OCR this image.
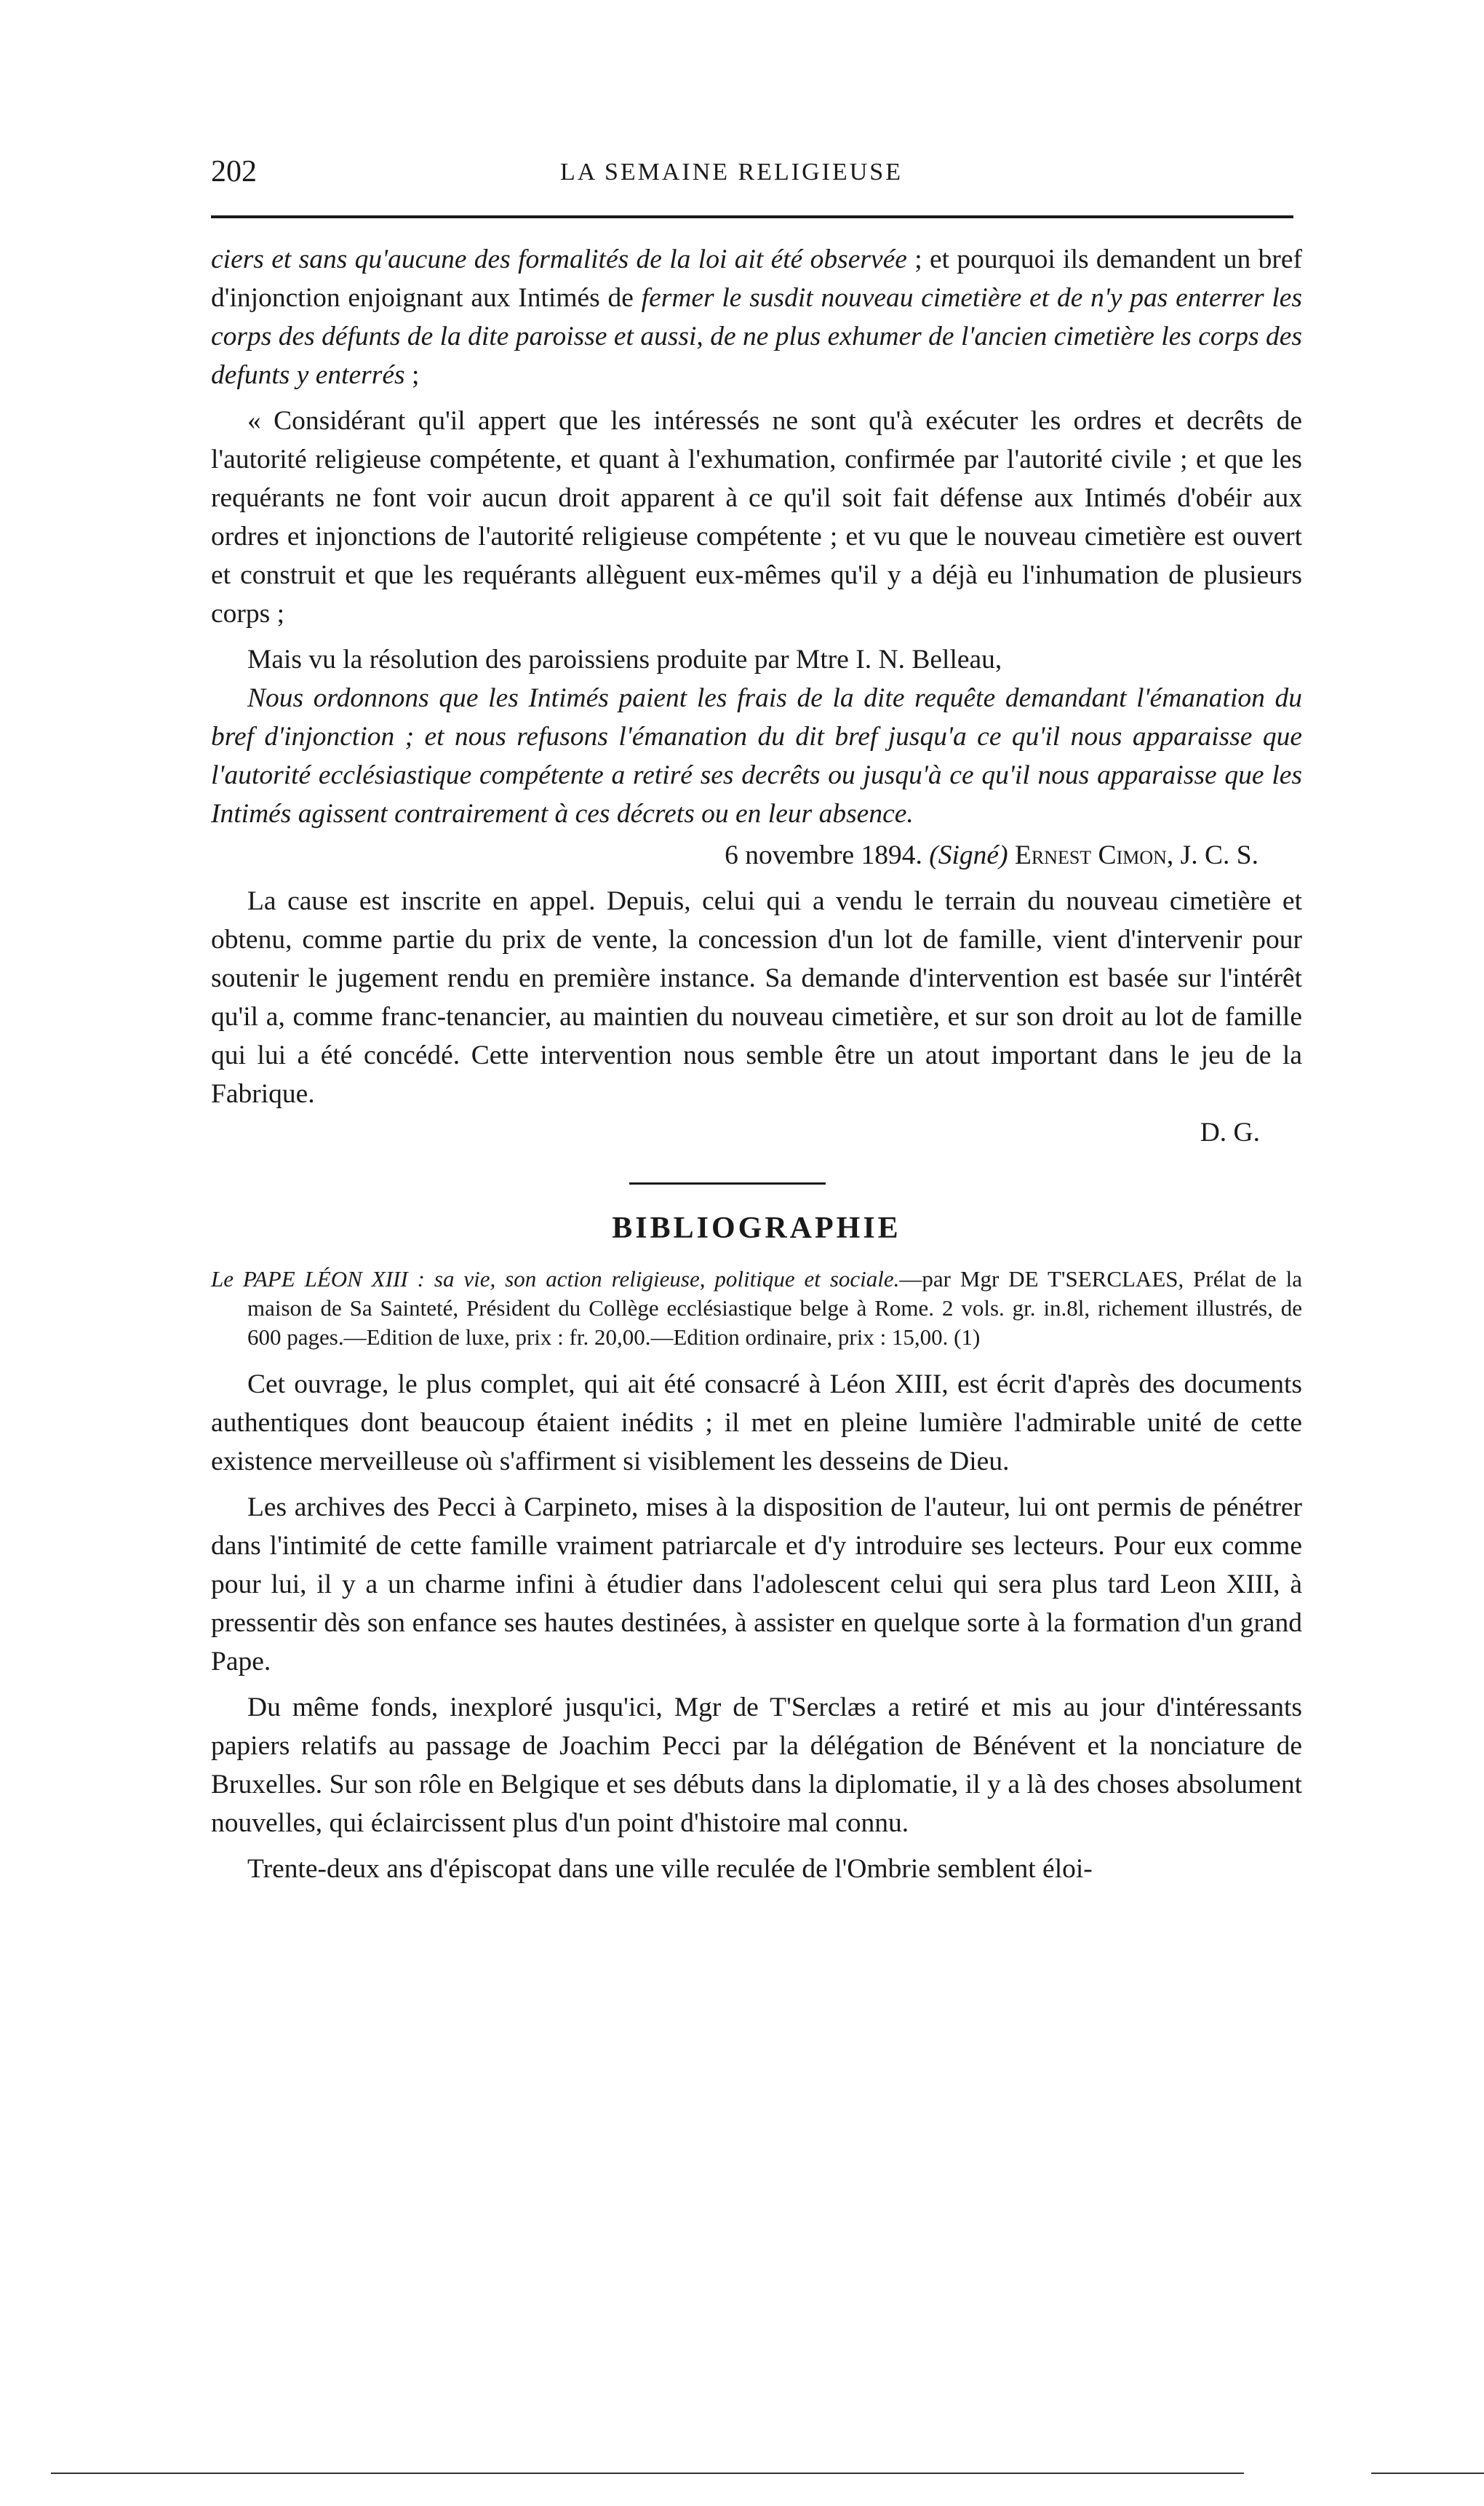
202	LA SEMAINE RELIGIEUSE

ciers et sans qu'aucune des formalités de la loi ait été observée ; et pourquoi ils demandent un bref d'injonction enjoignant aux Intimés de fermer le susdit nouveau cimetière et de n'y pas enterrer les corps des défunts de la dite paroisse et aussi, de ne plus exhumer de l'ancien cimetière les corps des defunts y enterrés ;

« Considérant qu'il appert que les intéressés ne sont qu'à exécuter les ordres et decrêts de l'autorité religieuse compétente, et quant à l'exhumation, confirmée par l'autorité civile ; et que les requérants ne font voir aucun droit apparent à ce qu'il soit fait défense aux Intimés d'obéir aux ordres et injonctions de l'autorité religieuse compétente ; et vu que le nouveau cimetière est ouvert et construit et que les requérants allèguent eux-mêmes qu'il y a déjà eu l'inhumation de plusieurs corps ;

Mais vu la résolution des paroissiens produite par Mtre I. N. Belleau,

Nous ordonnons que les Intimés paient les frais de la dite requête demandant l'émanation du bref d'injonction ; et nous refusons l'émanation du dit bref jusqu'a ce qu'il nous apparaisse que l'autorité ecclésiastique compétente a retiré ses decrêts ou jusqu'à ce qu'il nous apparaisse que les Intimés agissent contrairement à ces décrets ou en leur absence.

6 novembre 1894. (Signé) Ernest Cimon, J. C. S.

La cause est inscrite en appel. Depuis, celui qui a vendu le terrain du nouveau cimetière et obtenu, comme partie du prix de vente, la concession d'un lot de famille, vient d'intervenir pour soutenir le jugement rendu en première instance. Sa demande d'intervention est basée sur l'intérêt qu'il a, comme franc-tenancier, au maintien du nouveau cimetière, et sur son droit au lot de famille qui lui a été concédé. Cette intervention nous semble être un atout important dans le jeu de la Fabrique.

D. G.
BIBLIOGRAPHIE
Le PAPE LÉON XIII : sa vie, son action religieuse, politique et sociale.—par Mgr DE T'SERCLAES, Prélat de la maison de Sa Sainteté, Président du Collège ecclésiastique belge à Rome. 2 vols. gr. in.8l, richement illustrés, de 600 pages.—Edition de luxe, prix : fr. 20,00.—Edition ordinaire, prix : 15,00. (1)

Cet ouvrage, le plus complet, qui ait été consacré à Léon XIII, est écrit d'après des documents authentiques dont beaucoup étaient inédits ; il met en pleine lumière l'admirable unité de cette existence merveilleuse où s'affirment si visiblement les desseins de Dieu.

Les archives des Pecci à Carpineto, mises à la disposition de l'auteur, lui ont permis de pénétrer dans l'intimité de cette famille vraiment patriarcale et d'y introduire ses lecteurs. Pour eux comme pour lui, il y a un charme infini à étudier dans l'adolescent celui qui sera plus tard Leon XIII, à pressentir dès son enfance ses hautes destinées, à assister en quelque sorte à la formation d'un grand Pape.

Du même fonds, inexploré jusqu'ici, Mgr de T'Serclæs a retiré et mis au jour d'intéressants papiers relatifs au passage de Joachim Pecci par la délégation de Bénévent et la nonciature de Bruxelles. Sur son rôle en Belgique et ses débuts dans la diplomatie, il y a là des choses absolument nouvelles, qui éclaircissent plus d'un point d'histoire mal connu.

Trente-deux ans d'épiscopat dans une ville reculée de l'Ombrie semblent éloi-
